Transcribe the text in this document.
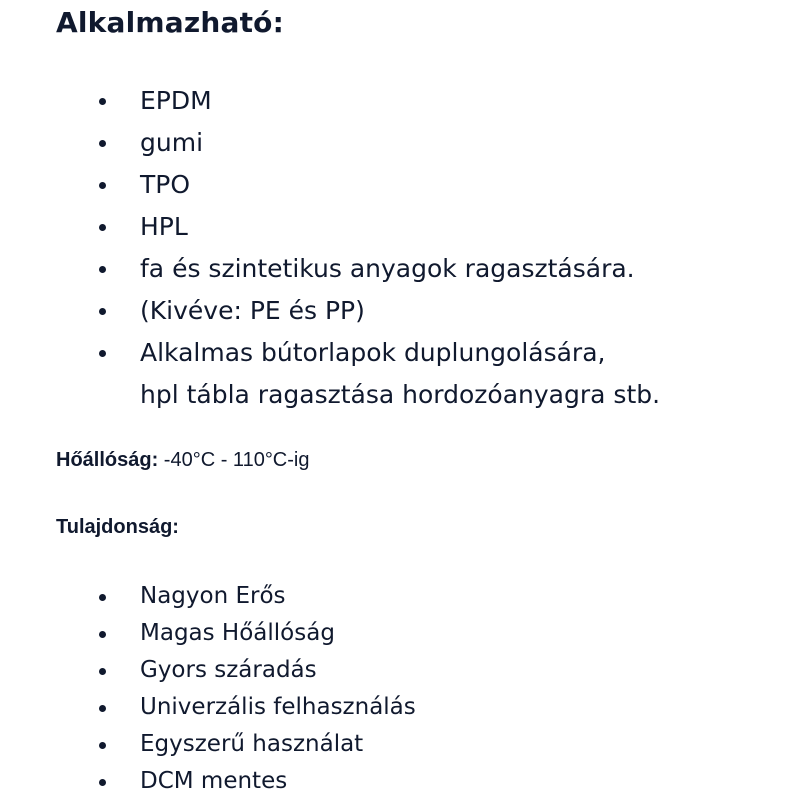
Alkalmazható:
EPDM
gumi
TPO
HPL
fa és szintetikus anyagok ragasztására.
(Kivéve: PE és PP)
Alkalmas bútorlapok duplungolására,
hpl tábla ragasztása hordozóanyagra stb.

Hőállóság: -40°C - 110°C-ig

Tulajdonság:

Nagyon Erős
Magas Hőállóság
Gyors száradás
Univerzális felhasználás
Egyszerű használat
DCM mentes
